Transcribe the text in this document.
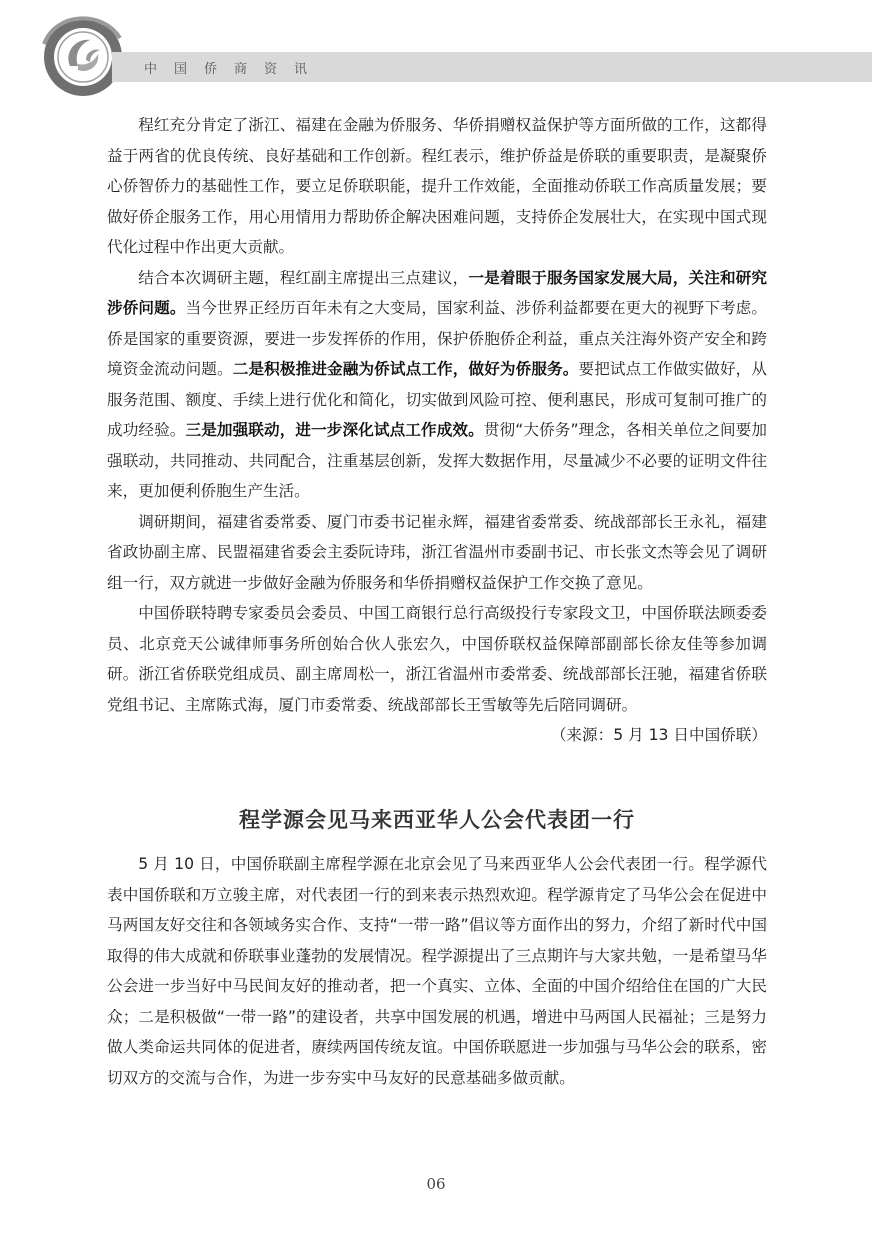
中国侨商资讯

程红充分肯定了浙江、福建在金融为侨服务、华侨捐赠权益保护等方面所做的工作，这都得益于两省的优良传统、良好基础和工作创新。程红表示，维护侨益是侨联的重要职责，是凝聚侨心侨智侨力的基础性工作，要立足侨联职能，提升工作效能，全面推动侨联工作高质量发展；要做好侨企服务工作，用心用情用力帮助侨企解决困难问题，支持侨企发展壮大，在实现中国式现代化过程中作出更大贡献。

结合本次调研主题，程红副主席提出三点建议，一是着眼于服务国家发展大局，关注和研究涉侨问题。当今世界正经历百年未有之大变局，国家利益、涉侨利益都要在更大的视野下考虑。侨是国家的重要资源，要进一步发挥侨的作用，保护侨胞侨企利益，重点关注海外资产安全和跨境资金流动问题。二是积极推进金融为侨试点工作，做好为侨服务。要把试点工作做实做好，从服务范围、额度、手续上进行优化和简化，切实做到风险可控、便利惠民，形成可复制可推广的成功经验。三是加强联动，进一步深化试点工作成效。贯彻“大侨务”理念，各相关单位之间要加强联动，共同推动、共同配合，注重基层创新，发挥大数据作用，尽量减少不必要的证明文件往来，更加便利侨胞生产生活。

调研期间，福建省委常委、厦门市委书记崔永辉，福建省委常委、统战部部长王永礼，福建省政协副主席、民盟福建省委会主委阮诗玮，浙江省温州市委副书记、市长张文杰等会见了调研组一行，双方就进一步做好金融为侨服务和华侨捐赠权益保护工作交换了意见。

中国侨联特聘专家委员会委员、中国工商银行总行高级投行专家段文卫，中国侨联法顾委委员、北京竞天公诚律师事务所创始合伙人张宏久，中国侨联权益保障部副部长徐友佳等参加调研。浙江省侨联党组成员、副主席周松一，浙江省温州市委常委、统战部部长汪驰，福建省侨联党组书记、主席陈式海，厦门市委常委、统战部部长王雪敏等先后陪同调研。

（来源：5 月 13 日中国侨联）
程学源会见马来西亚华人公会代表团一行

5 月 10 日，中国侨联副主席程学源在北京会见了马来西亚华人公会代表团一行。程学源代表中国侨联和万立骏主席，对代表团一行的到来表示热烈欢迎。程学源肯定了马华公会在促进中马两国友好交往和各领域务实合作、支持“一带一路”倡议等方面作出的努力，介绍了新时代中国取得的伟大成就和侨联事业蓬勃的发展情况。程学源提出了三点期许与大家共勉，一是希望马华公会进一步当好中马民间友好的推动者，把一个真实、立体、全面的中国介绍给住在国的广大民众；二是积极做“一带一路”的建设者，共享中国发展的机遇，增进中马两国人民福祉；三是努力做人类命运共同体的促进者，赓续两国传统友谊。中国侨联愿进一步加强与马华公会的联系，密切双方的交流与合作，为进一步夯实中马友好的民意基础多做贡献。

06
